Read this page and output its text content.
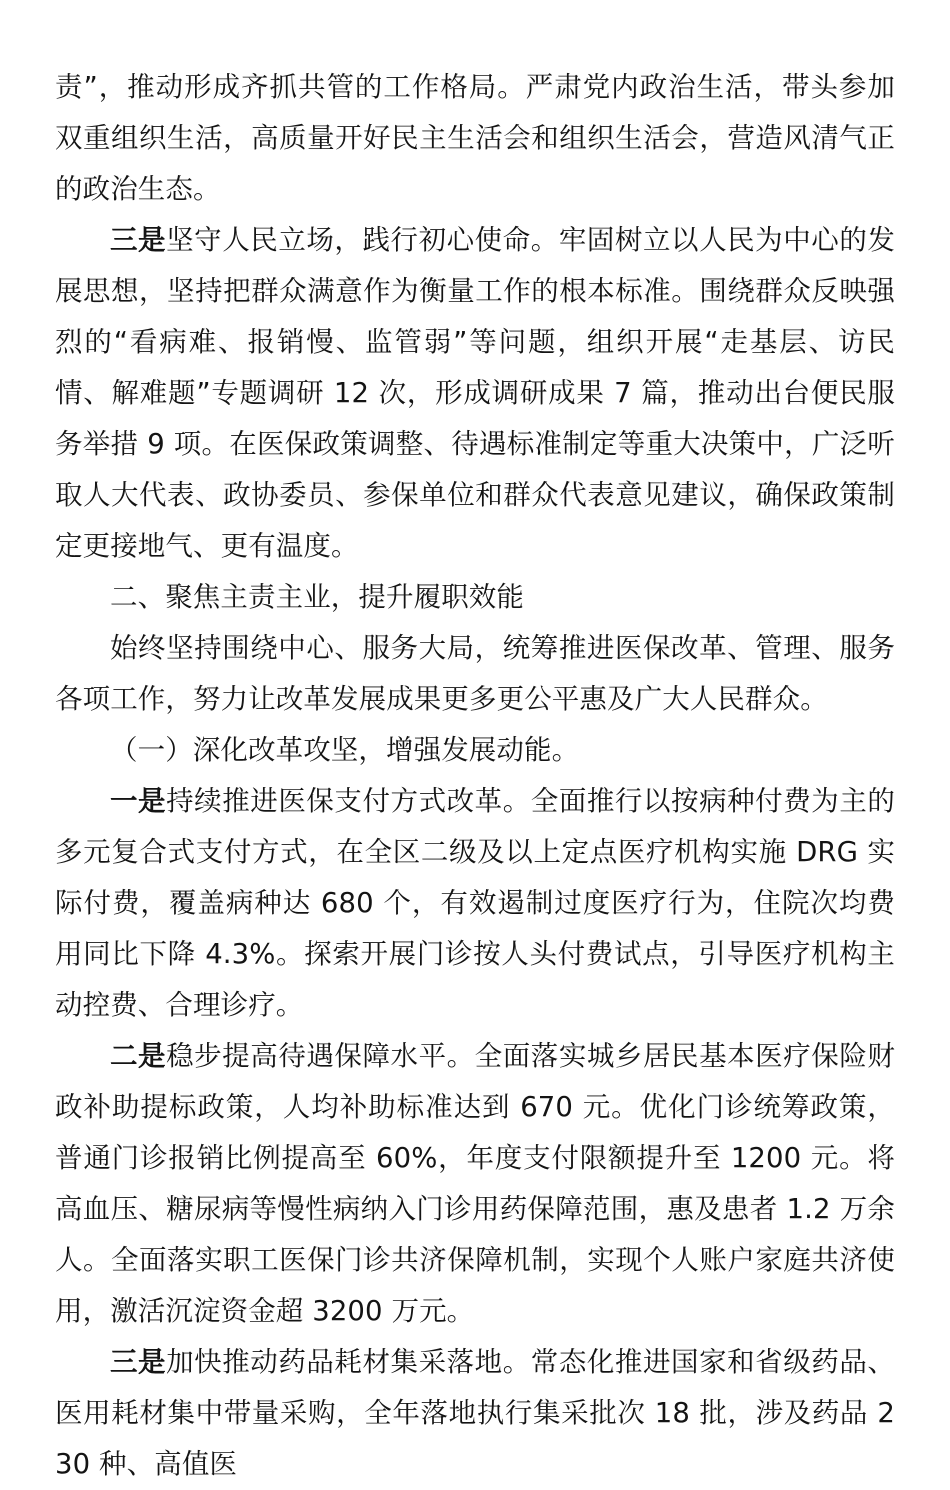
责”，推动形成齐抓共管的工作格局。严肃党内政治生活，带头参加双重组织生活，高质量开好民主生活会和组织生活会，营造风清气正的政治生态。

三是坚守人民立场，践行初心使命。牢固树立以人民为中心的发展思想，坚持把群众满意作为衡量工作的根本标准。围绕群众反映强烈的“看病难、报销慢、监管弱”等问题，组织开展“走基层、访民情、解难题”专题调研 12 次，形成调研成果 7 篇，推动出台便民服务举措 9 项。在医保政策调整、待遇标准制定等重大决策中，广泛听取人大代表、政协委员、参保单位和群众代表意见建议，确保政策制定更接地气、更有温度。

二、聚焦主责主业，提升履职效能

始终坚持围绕中心、服务大局，统筹推进医保改革、管理、服务各项工作，努力让改革发展成果更多更公平惠及广大人民群众。

（一）深化改革攻坚，增强发展动能。

一是持续推进医保支付方式改革。全面推行以按病种付费为主的多元复合式支付方式，在全区二级及以上定点医疗机构实施 DRG 实际付费，覆盖病种达 680 个，有效遏制过度医疗行为，住院次均费用同比下降 4.3%。探索开展门诊按人头付费试点，引导医疗机构主动控费、合理诊疗。

二是稳步提高待遇保障水平。全面落实城乡居民基本医疗保险财政补助提标政策，人均补助标准达到 670 元。优化门诊统筹政策，普通门诊报销比例提高至 60%，年度支付限额提升至 1200 元。将高血压、糖尿病等慢性病纳入门诊用药保障范围，惠及患者 1.2 万余人。全面落实职工医保门诊共济保障机制，实现个人账户家庭共济使用，激活沉淀资金超 3200 万元。

三是加快推动药品耗材集采落地。常态化推进国家和省级药品、医用耗材集中带量采购，全年落地执行集采批次 18 批，涉及药品 230 种、高值医
